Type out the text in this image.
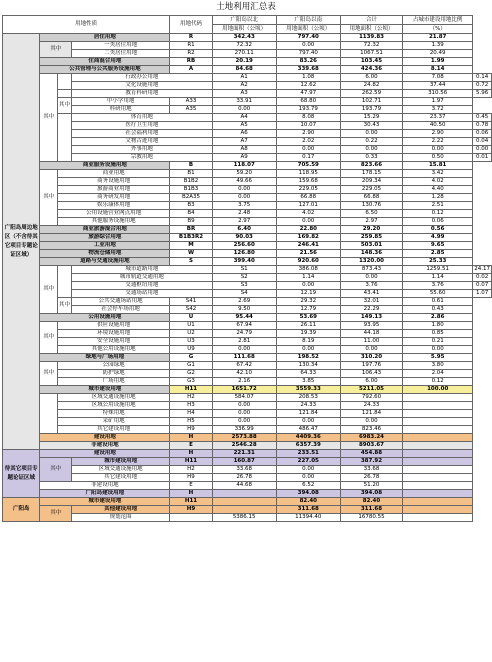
土地利用汇总表
用地性质				用地代码	广阳岛以北	广阳岛以南	合计	占城市建设用地比例	
					用地面积（公顷）	用地面积（公顷）	用地面积（公顷）	（%）	
广阳岛周边地区（不含待其它项目专题论证区域）	居住用地			R	342.43	797.40	1139.83	21.87	
	其中		一类居住用地	R1	72.32	0.00	72.32	1.39	
			二类居住用地	R2	270.11	797.40	1067.51	20.49	
	住商混合用地			RB	20.19	83.26	103.45	1.99	
	公共管理与公共服务设施用地			A	84.68	339.68	424.36	8.14	
	其中		行政办公用地		A1	1.08	6.00	7.08	0.14
			文化设施用地		A2	12.62	24.82	37.44	0.72
			教育科研用地		A3	47.97	262.59	310.56	5.96
		其中	中小学用地	A33	33.91	68.80	102.71	1.97	
			科研用地	A35	0.00	193.79	193.79	3.72	
			体育用地		A4	8.08	15.29	23.37	0.45
			医疗卫生用地		A5	10.07	30.43	40.50	0.78
			社会福利用地		A6	2.90	0.00	2.90	0.06
			文物古迹用地		A7	2.02	0.22	2.22	0.04
			外事用地		A8	0.00	0.00	0.00	0.00
			宗教用地		A9	0.17	0.33	0.50	0.01
	商业服务设施用地			B	118.07	705.59	823.66	15.81	
	其中	商业用地		B1	59.20	118.95	178.15	3.42	
		商务设施用地		B1B2	49.66	159.68	209.34	4.02	
		旅游商业用地		B1B3	0.00	229.05	229.05	4.40	
		商务研发用地		B2A35	0.00	66.88	66.88	1.28	
		娱乐康体用地		B3	3.75	127.01	130.76	2.51	
		公用设施营业网点用地		B4	2.48	4.02	6.50	0.12	
		其他服务设施用地		B9	2.97	0.00	2.97	0.06	
	商业旅游混合用地			BR	6.40	22.80	29.20	0.56	
	旅游综合用地			B1B3R2	90.03	169.82	259.85	4.99	
	工业用地			M	256.60	246.41	503.01	9.65	
	物流仓储用地			W	126.80	21.56	148.36	2.85	
	道路与交通设施用地			S	399.40	920.60	1320.00	25.33	
	其中		城市道路用地		S1	386.08	873.43	1259.51	24.17
			城市轨道交通用地		S2	1.14	0.00	1.14	0.02
			交通枢纽用地		S3	0.00	3.76	3.76	0.07
			交通场站用地		S4	12.19	43.41	55.60	1.07
		其中	公共交通场站用地	S41	2.69	29.32	32.01	0.61	
			社会停车场用地	S42	9.50	12.79	22.29	0.43	
	公用设施用地			U	95.44	53.69	149.13	2.86	
	其中	供应设施用地		U1	67.94	26.11	93.95	1.80	
		环境设施用地		U2	24.79	19.39	44.18	0.85	
		安全设施用地		U3	2.81	8.19	11.00	0.21	
		其他公用设施用地		U9	0.00	0.00	0.00	0.00	
	绿地与广场用地			G	111.68	198.52	310.20	5.95	
	其中	公园绿地		G1	67.42	130.34	197.76	3.80	
		防护绿地		G2	42.10	64.33	106.43	2.04	
		广场用地		G3	2.16	3.85	6.00	0.12	
	城市建设用地			H11	1651.72	3559.33	5211.05	100.00	
		区域交通设施用地		H2	584.07	208.53	792.60		
		区域公用设施用地		H3	0.00	24.33	24.33		
		特殊用地		H4	0.00	121.84	121.84		
		采矿用地		H5	0.00	0.00	0.00		
		其它建设用地		H9	336.99	486.47	823.46		
	建设用地			H	2573.88	4409.36	6983.24		
	非建设用地			E	2546.28	6357.39	8903.67		
待其它项目专题论证区域	建设用地			H	221.31	233.51	454.88		
	其中		城市建设用地	H11	160.87	227.05	387.92		
			区域交通设施用地	H2	33.68	0.00	33.68		
			其它建设用地	H9	26.78	0.00	26.78		
	非建设用地			E	44.68	6.52	51.20		
	广阳岛建设用地			H		394.08	394.08		
广阳岛	城市建设用地			H11		82.40	82.40		
	其中		其他建设用地	H9		311.68	311.68		
			规划范围		5386.15	11394.40	16780.55		
